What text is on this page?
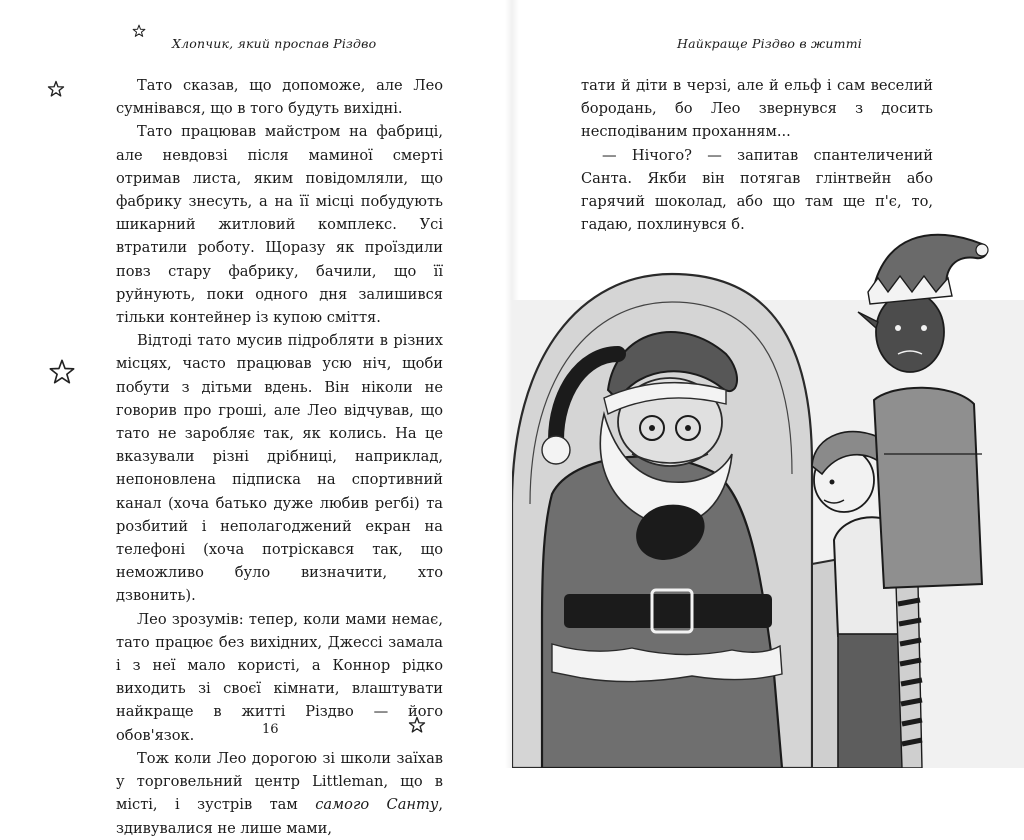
Хлопчик, який проспав Різдво

Тато сказав, що допоможе, але Лео сумнівався, що в того будуть вихідні.

Тато працював майстром на фабриці, але невдовзі після маминої смерті отримав листа, яким повідомляли, що фабрику знесуть, а на її місці побудують шикарний житловий комплекс. Усі втратили роботу. Щоразу як проїздили повз стару фабрику, бачили, що її руйнують, поки одного дня залишився тільки контейнер із купою сміття.

Відтоді тато мусив підробляти в різних місцях, часто працював усю ніч, щоби побути з дітьми вдень. Він ніколи не говорив про гроші, але Лео відчував, що тато не заробляє так, як колись. На це вказували різні дрібниці, наприклад, непоновлена підписка на спортивний канал (хоча батько дуже любив регбі) та розбитий і неполагоджений екран на телефоні (хоча потріскався так, що неможливо було визначити, хто дзвонить).

Лео зрозумів: тепер, коли мами немає, тато працює без вихідних, Джессі замала і з неї мало користі, а Коннор рідко виходить зі своєї кімнати, влаштувати найкраще в житті Різдво — його обов'язок.

Тож коли Лео дорогою зі школи заїхав у торговельний центр Littleman, що в місті, і зустрів там самого Санту, здивувалися не лише мами,

16
Найкраще Різдво в житті

тати й діти в черзі, але й ельф і сам веселий бородань, бо Лео звернувся з досить несподіваним проханням...

— Нічого? — запитав спантеличений Санта. Якби він потягав глінтвейн або гарячий шоколад, або що там ще п'є, то, гадаю, похлинувся б.
